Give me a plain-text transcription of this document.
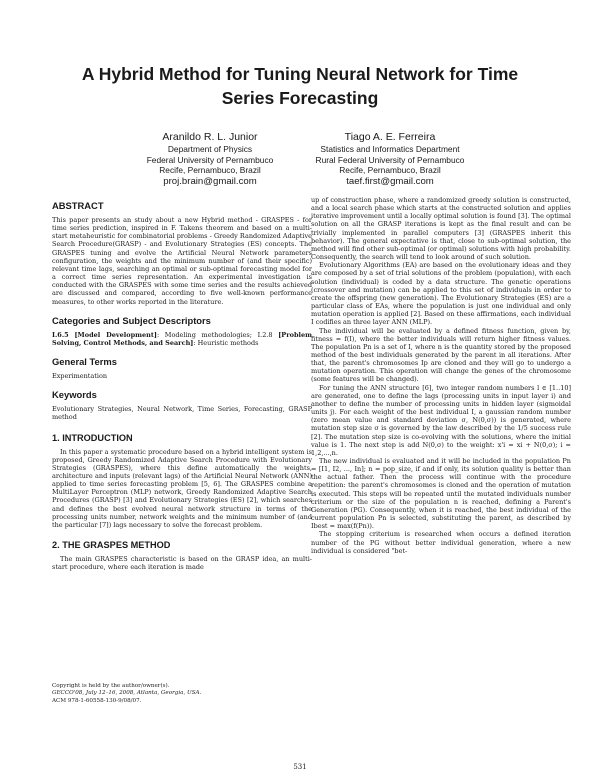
A Hybrid Method for Tuning Neural Network for Time
Series Forecasting
Aranildo R. L. Junior
Department of Physics
Federal University of Pernambuco
Recife, Pernambuco, Brazil
proj.brain@gmail.com
Tiago A. E. Ferreira
Statistics and Informatics Department
Rural Federal University of Pernambuco
Recife, Pernambuco, Brazil
taef.first@gmail.com
ABSTRACT

This paper presents an study about a new Hybrid method - GRASPES - for time series prediction, inspired in F. Takens theorem and based on a multi-start metaheuristic for combinatorial problems - Greedy Randomized Adaptive Search Procedure(GRASP) - and Evolutionary Strategies (ES) concepts. The GRASPES tuning and evolve the Artificial Neural Network parameters configuration, the weights and the minimum number of (and their specific) relevant time lags, searching an optimal or sub-optimal forecasting model for a correct time series representation. An experimental investigation is conducted with the GRASPES with some time series and the results achieved are discussed and compared, according to five well-known performance measures, to other works reported in the literature.

Categories and Subject Descriptors

I.6.5 [Model Development]: Modeling methodologies; I.2.8 [Problem Solving, Control Methods, and Search]: Heuristic methods

General Terms

Experimentation

Keywords

Evolutionary Strategies, Neural Network, Time Series, Forecasting, GRASP method

1. INTRODUCTION

In this paper a systematic procedure based on a hybrid intelligent system is proposed, Greedy Randomized Adaptive Search Procedure with Evolutionary Strategies (GRASPES), where this define automatically the weights, architecture and inputs (relevant lags) of the Artificial Neural Network (ANN) applied to time series forecasting problem [5, 6]. The GRASPES combine a MultiLayer Perceptron (MLP) network, Greedy Randomized Adaptive Search Procedures (GRASP) [3] and Evolutionary Strategies (ES) [2], which searches and defines the best evolved neural network structure in terms of the processing units number, network weights and the minimum number of (and the particular [7]) lags necessary to solve the forecast problem.

2. THE GRASPES METHOD

The main GRASPES characteristic is based on the GRASP idea, an multi-start procedure, where each iteration is made

Copyright is held by the author/owner(s).
GECCO'08, July 12–16, 2008, Atlanta, Georgia, USA.
ACM 978-1-60558-130-9/08/07.

up of construction phase, where a randomized greedy solution is constructed, and a local search phase which starts at the constructed solution and applies iterative improvement until a locally optimal solution is found [3]. The optimal solution on all the GRASP iterations is kept as the final result and can be trivially implemented in parallel computers [3] (GRASPES inherit this behavior). The general expectative is that, close to sub-optimal solution, the method will find other sub-optimal (or optimal) solutions with high probability. Consequently, the search will tend to look around of such solution.

Evolutionary Algorithms (EA) are based on the evolutionary ideas and they are composed by a set of trial solutions of the problem (population), with each solution (individual) is coded by a data structure. The genetic operations (crossover and mutation) can be applied to this set of individuals in order to create the offspring (new generation). The Evolutionary Strategies (ES) are a particular class of EAs, where the population is just one individual and only mutation operation is applied [2]. Based on these affirmations, each individual I codifies an three layer ANN (MLP).

The individual will be evaluated by a defined fitness function, given by, fitness = f(I), where the better individuals will return higher fitness values. The population Pn is a set of I, where n is the quantity stored by the proposed method of the best individuals generated by the parent in all iterations. After that, the parent's chromosomes Ip are cloned and they will go to undergo a mutation operation. This operation will change the genes of the chromosome (some features will be changed).

For tuning the ANN structure [6], two integer random numbers l ∈ [1..10] are generated, one to define the lags (processing units in input layer i) and another to define the number of processing units in hidden layer (sigmoidal units j). For each weight of the best individual I, a gaussian random number (zero mean value and standard deviation σ, N(0,σ)) is generated, where mutation step size σ is governed by the law described by the 1/5 success rule [2]. The mutation step size is co-evolving with the solutions, where the initial value is 1. The next step is add N(0,σ) to the weight: x'i = xi + N(0,σ); i = 1,2,...,n.

The new individual is evaluated and it will be included in the population Pn = [I1, I2, ..., In]; n = pop_size, if and if only, its solution quality is better than the actual father. Then the process will continue with the procedure repetition: the parent's chromosomes is cloned and the operation of mutation is executed. This steps will be repeated until the mutated individuals number criterium or the size of the population n is reached, defining a Parent's Generation (PG). Consequently, when it is reached, the best individual of the current population Pn is selected, substituting the parent, as described by Ibest = max(f(Pn)).

The stopping criterium is researched when occurs a defined iteration number of the PG without better individual generation, where a new individual is considered "bet-

531
